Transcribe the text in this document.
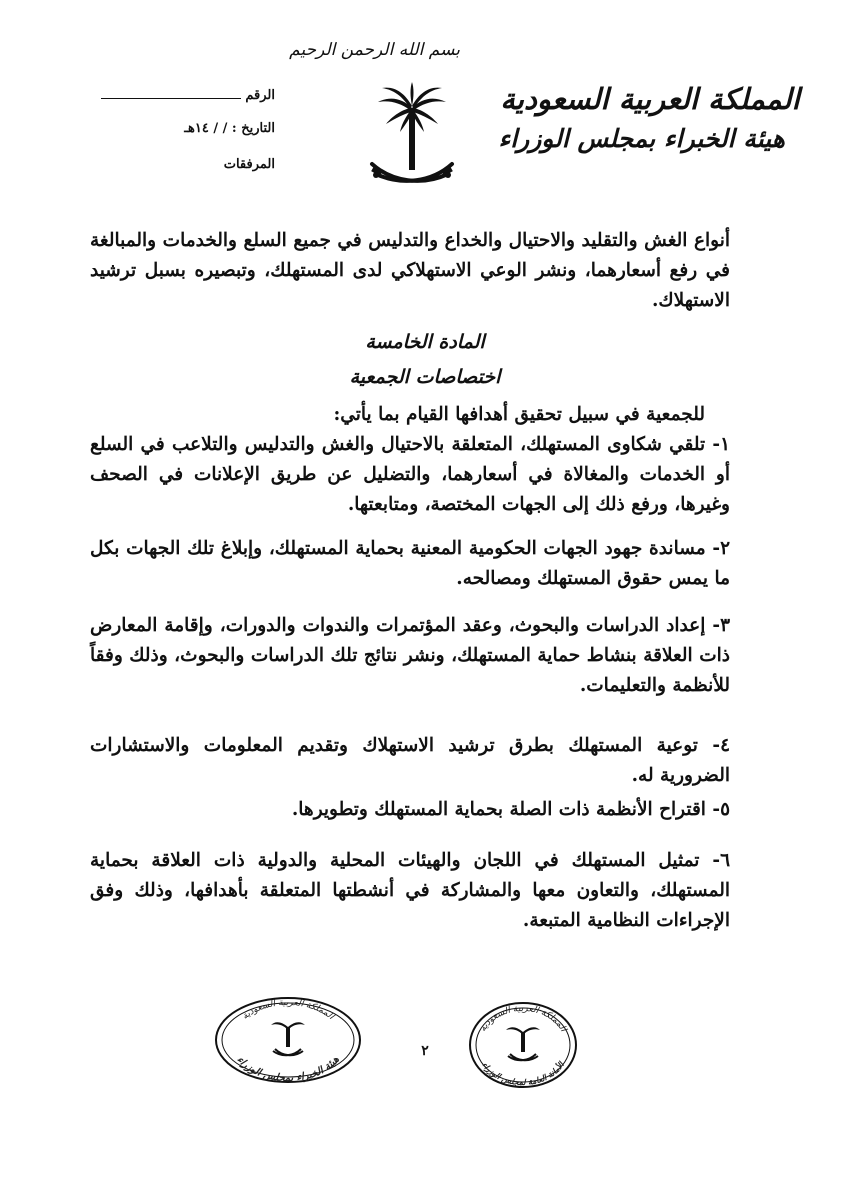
بسم الله الرحمن الرحيم
المملكة العربية السعودية
هيئة الخبراء بمجلس الوزراء
الرقم
التاريخ : / / ١٤هـ
المرفقات
أنواع الغش والتقليد والاحتيال والخداع والتدليس في جميع السلع والخدمات والمبالغة في رفع أسعارهما، ونشر الوعي الاستهلاكي لدى المستهلك، وتبصيره بسبل ترشيد الاستهلاك.
المادة الخامسة
اختصاصات الجمعية
للجمعية في سبيل تحقيق أهدافها القيام بما يأتي:
١- تلقي شكاوى المستهلك، المتعلقة بالاحتيال والغش والتدليس والتلاعب في السلع أو الخدمات والمغالاة في أسعارهما، والتضليل عن طريق الإعلانات في الصحف وغيرها، ورفع ذلك إلى الجهات المختصة، ومتابعتها.
٢- مساندة جهود الجهات الحكومية المعنية بحماية المستهلك، وإبلاغ تلك الجهات بكل ما يمس حقوق المستهلك ومصالحه.
٣- إعداد الدراسات والبحوث، وعقد المؤتمرات والندوات والدورات، وإقامة المعارض ذات العلاقة بنشاط حماية المستهلك، ونشر نتائج تلك الدراسات والبحوث، وذلك وفقاً للأنظمة والتعليمات.
٤- توعية المستهلك بطرق ترشيد الاستهلاك وتقديم المعلومات والاستشارات الضرورية له.
٥- اقتراح الأنظمة ذات الصلة بحماية المستهلك وتطويرها.
٦- تمثيل المستهلك في اللجان والهيئات المحلية والدولية ذات العلاقة بحماية المستهلك، والتعاون معها والمشاركة في أنشطتها المتعلقة بأهدافها، وذلك وفق الإجراءات النظامية المتبعة.
٢
المملكة العربية السعودية
هيئة الخبراء بمجلس الوزراء
المملكة العربية السعودية
الأمانة العامة لمجلس الوزراء
